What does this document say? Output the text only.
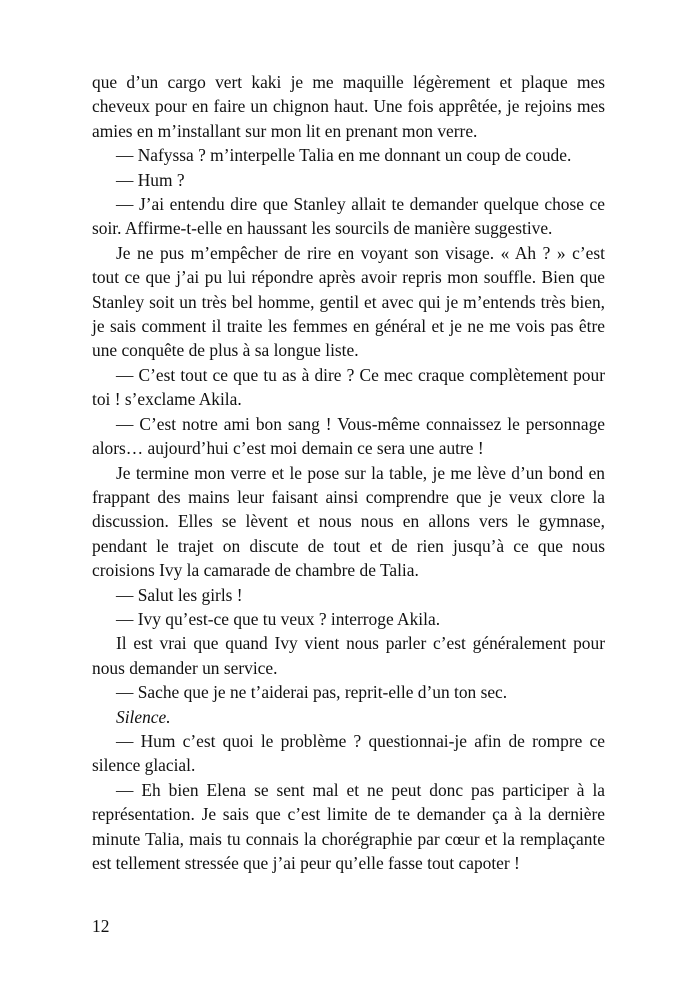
que d’un cargo vert kaki je me maquille légèrement et plaque mes cheveux pour en faire un chignon haut. Une fois apprêtée, je rejoins mes amies en m’installant sur mon lit en prenant mon verre.

— Nafyssa ? m’interpelle Talia en me donnant un coup de coude.

— Hum ?

— J’ai entendu dire que Stanley allait te demander quelque chose ce soir. Affirme-t-elle en haussant les sourcils de manière suggestive.

Je ne pus m’empêcher de rire en voyant son visage. « Ah ? » c’est tout ce que j’ai pu lui répondre après avoir repris mon souffle. Bien que Stanley soit un très bel homme, gentil et avec qui je m’entends très bien, je sais comment il traite les femmes en général et je ne me vois pas être une conquête de plus à sa longue liste.

— C’est tout ce que tu as à dire ? Ce mec craque complètement pour toi ! s’exclame Akila.

— C’est notre ami bon sang ! Vous-même connaissez le personnage alors… aujourd’hui c’est moi demain ce sera une autre !

Je termine mon verre et le pose sur la table, je me lève d’un bond en frappant des mains leur faisant ainsi comprendre que je veux clore la discussion. Elles se lèvent et nous nous en allons vers le gymnase, pendant le trajet on discute de tout et de rien jusqu’à ce que nous croisions Ivy la camarade de chambre de Talia.

— Salut les girls !

— Ivy qu’est-ce que tu veux ? interroge Akila.

Il est vrai que quand Ivy vient nous parler c’est généralement pour nous demander un service.

— Sache que je ne t’aiderai pas, reprit-elle d’un ton sec.

Silence.

— Hum c’est quoi le problème ? questionnai-je afin de rompre ce silence glacial.

— Eh bien Elena se sent mal et ne peut donc pas participer à la représentation. Je sais que c’est limite de te demander ça à la dernière minute Talia, mais tu connais la chorégraphie par cœur et la remplaçante est tellement stressée que j’ai peur qu’elle fasse tout capoter !

12
